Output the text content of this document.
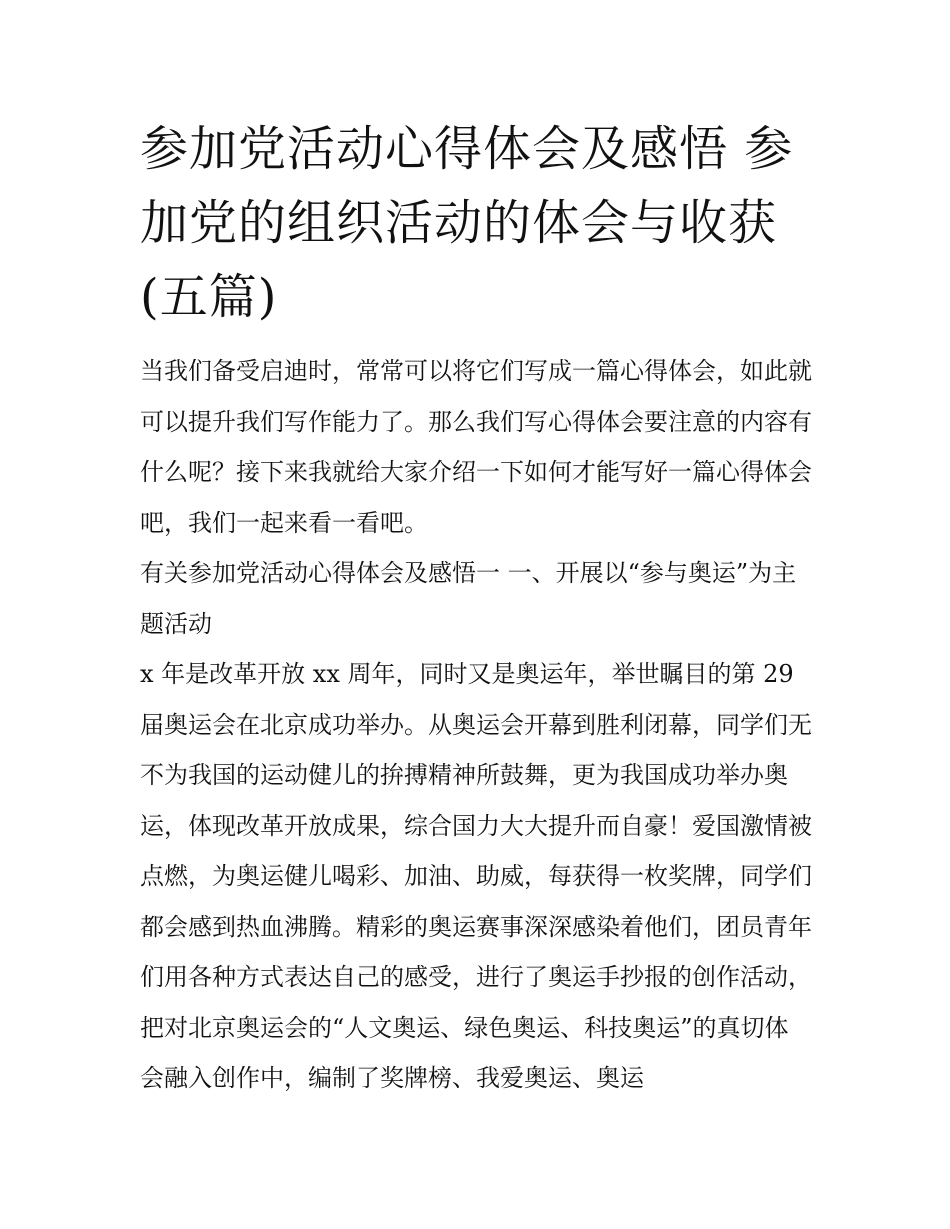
参加党活动心得体会及感悟 参加党的组织活动的体会与收获(五篇)

当我们备受启迪时，常常可以将它们写成一篇心得体会，如此就可以提升我们写作能力了。那么我们写心得体会要注意的内容有什么呢？接下来我就给大家介绍一下如何才能写好一篇心得体会吧，我们一起来看一看吧。

有关参加党活动心得体会及感悟一 一、开展以“参与奥运”为主题活动

x 年是改革开放 xx 周年，同时又是奥运年，举世瞩目的第 29 届奥运会在北京成功举办。从奥运会开幕到胜利闭幕，同学们无不为我国的运动健儿的拚搏精神所鼓舞，更为我国成功举办奥运，体现改革开放成果，综合国力大大提升而自豪！爱国激情被点燃，为奥运健儿喝彩、加油、助威，每获得一枚奖牌，同学们都会感到热血沸腾。精彩的奥运赛事深深感染着他们，团员青年们用各种方式表达自己的感受，进行了奥运手抄报的创作活动，把对北京奥运会的“人文奥运、绿色奥运、科技奥运”的真切体会融入创作中，编制了奖牌榜、我爱奥运、奥运
